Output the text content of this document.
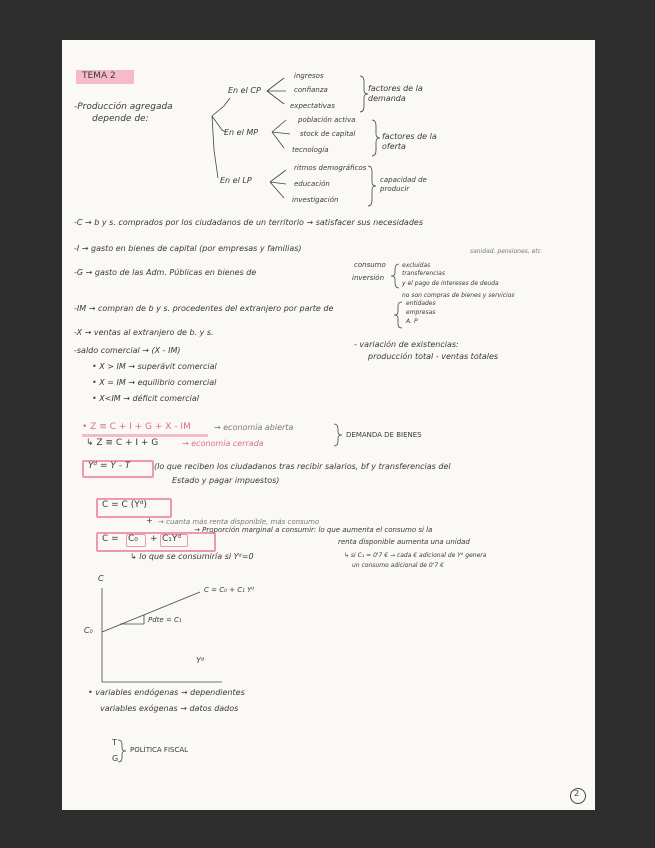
TEMA 2
-Producción agregada
depende de:
En el CP
ingresos
confianza
expectativas
factores de la demanda
En el MP
población activa
stock de capital
tecnología
factores de la oferta
En el LP
ritmos demográficos
educación
investigación
capacidad de producir
-C → b y s. comprados por los ciudadanos de un territorio → satisfacer sus necesidades
-I → gasto en bienes de capital (por empresas y familias)
-G → gasto de las Adm. Públicas en bienes de
consumo
inversión
excluidas transferencias
y el pago de intereses de deuda
sanidad, pensiones, etc
no son compras de bienes y servicios
-IM → compran de b y s. procedentes del extranjero por parte de
entidades
empresas
A. P
-X → ventas al extranjero de b. y s.
-saldo comercial → (X - IM)
• X > IM → superávit comercial
• X = IM → equilibrio comercial
• X<IM → déficit comercial
- variación de existencias:
producción total - ventas totales
• Z ≡ C + I + G + X - IM	→ economía abierta
↳ Z ≡ C + I + G	→ economía cerrada
DEMANDA DE BIENES
Yᵈ = Y - T	(lo que reciben los ciudadanos tras recibir salarios, bf y transferencias del
Estado y pagar impuestos)
C = C (Yᵈ)
+ → cuanta más renta disponible, más consumo
C = C₀ + C₁Yᵈ
→ Proporción marginal a consumir: lo que aumenta el consumo si la
renta disponible aumenta una unidad
↳ lo que se consumiría si Yᵈ=0	↳ si C₁ = 0'7 € → cada € adicional de Yᵈ genera
un consumo adicional de 0'7 €
C
C₀
C = C₀ + C₁ Yᵈ
Pdte = C₁
Yᵈ
• variables endógenas → dependientes
variables exógenas → datos dados
T
G
POLÍTICA FISCAL
2
